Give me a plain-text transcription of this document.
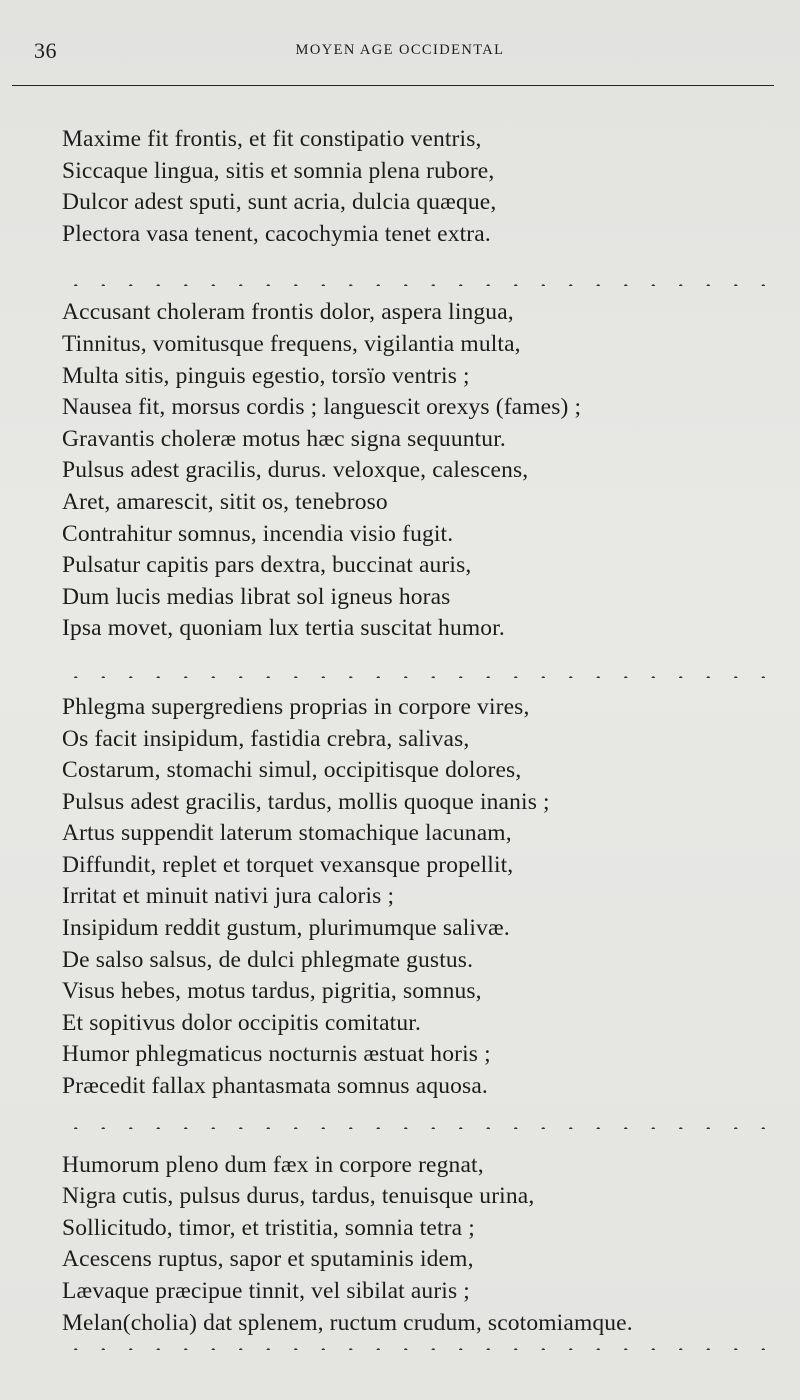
36	MOYEN AGE OCCIDENTAL
Maxime fit frontis, et fit constipatio ventris,
Siccaque lingua, sitis et somnia plena rubore,
Dulcor adest sputi, sunt acria, dulcia quæque,
Plectora vasa tenent, cacochymia tenet extra.
Accusant choleram frontis dolor, aspera lingua,
Tinnitus, vomitusque frequens, vigilantia multa,
Multa sitis, pinguis egestio, torsïo ventris ;
Nausea fit, morsus cordis ; languescit orexys (fames) ;
Gravantis choleræ motus hæc signa sequuntur.
Pulsus adest gracilis, durus. veloxque, calescens,
Aret, amarescit, sitit os, tenebroso
Contrahitur somnus, incendia visio fugit.
Pulsatur capitis pars dextra, buccinat auris,
Dum lucis medias librat sol igneus horas
Ipsa movet, quoniam lux tertia suscitat humor.
Phlegma supergrediens proprias in corpore vires,
Os facit insipidum, fastidia crebra, salivas,
Costarum, stomachi simul, occipitisque dolores,
Pulsus adest gracilis, tardus, mollis quoque inanis ;
Artus suppendit laterum stomachique lacunam,
Diffundit, replet et torquet vexansque propellit,
Irritat et minuit nativi jura caloris ;
Insipidum reddit gustum, plurimumque salivæ.
De salso salsus, de dulci phlegmate gustus.
Visus hebes, motus tardus, pigritia, somnus,
Et sopitivus dolor occipitis comitatur.
Humor phlegmaticus nocturnis æstuat horis ;
Præcedit fallax phantasmata somnus aquosa.
Humorum pleno dum fæx in corpore regnat,
Nigra cutis, pulsus durus, tardus, tenuisque urina,
Sollicitudo, timor, et tristitia, somnia tetra ;
Acescens ruptus, sapor et sputaminis idem,
Lævaque præcipue tinnit, vel sibilat auris ;
Melan(cholia) dat splenem, ructum crudum, scotomiamque.
